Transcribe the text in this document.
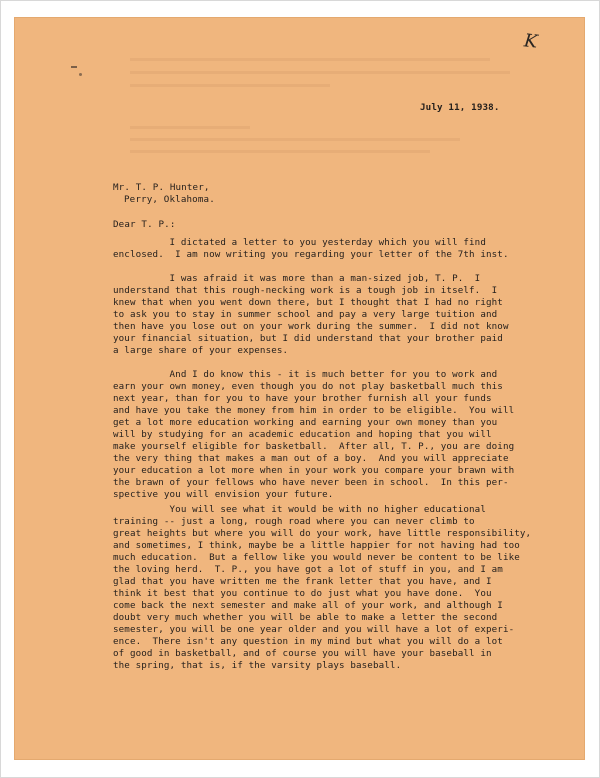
K
July 11, 1938.
Mr. T. P. Hunter,
Perry, Oklahoma.
Dear T. P.:
I dictated a letter to you yesterday which you will find
enclosed.  I am now writing you regarding your letter of the 7th inst.
I was afraid it was more than a man-sized job, T. P.  I
understand that this rough-necking work is a tough job in itself.  I
knew that when you went down there, but I thought that I had no right
to ask you to stay in summer school and pay a very large tuition and
then have you lose out on your work during the summer.  I did not know
your financial situation, but I did understand that your brother paid
a large share of your expenses.
And I do know this - it is much better for you to work and
earn your own money, even though you do not play basketball much this
next year, than for you to have your brother furnish all your funds
and have you take the money from him in order to be eligible.  You will
get a lot more education working and earning your own money than you
will by studying for an academic education and hoping that you will
make yourself eligible for basketball.  After all, T. P., you are doing
the very thing that makes a man out of a boy.  And you will appreciate
your education a lot more when in your work you compare your brawn with
the brawn of your fellows who have never been in school.  In this per-
spective you will envision your future.
You will see what it would be with no higher educational
training -- just a long, rough road where you can never climb to
great heights but where you will do your work, have little responsibility,
and sometimes, I think, maybe be a little happier for not having had too
much education.  But a fellow like you would never be content to be like
the loving herd.  T. P., you have got a lot of stuff in you, and I am
glad that you have written me the frank letter that you have, and I
think it best that you continue to do just what you have done.  You
come back the next semester and make all of your work, and although I
doubt very much whether you will be able to make a letter the second
semester, you will be one year older and you will have a lot of experi-
ence.  There isn't any question in my mind but what you will do a lot
of good in basketball, and of course you will have your baseball in
the spring, that is, if the varsity plays baseball.
